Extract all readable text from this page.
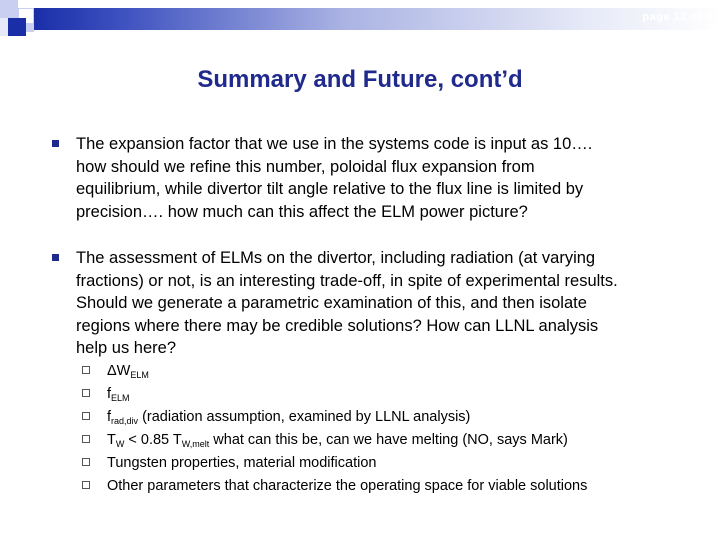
page 12 of 9
Summary and Future, cont’d
The expansion factor that we use in the systems code is input as 10….
how should we refine this number, poloidal flux expansion from
equilibrium, while divertor tilt angle relative to the flux line is limited by
precision…. how much can this affect the ELM power picture?
The assessment of ELMs on the divertor, including radiation (at varying
fractions) or not, is an interesting trade-off, in spite of experimental results.
Should we generate a parametric examination of this, and then isolate
regions where there may be credible solutions? How can LLNL analysis
help us here?
$\Delta W_{ELM}$
$f_{ELM}$
$f_{rad,div}$ (radiation assumption, examined by LLNL analysis)
$T_W < 0.85$ $T_{W,melt}$ what can this be, can we have melting (NO, says Mark)
Tungsten properties, material modification
Other parameters that characterize the operating space for viable solutions
